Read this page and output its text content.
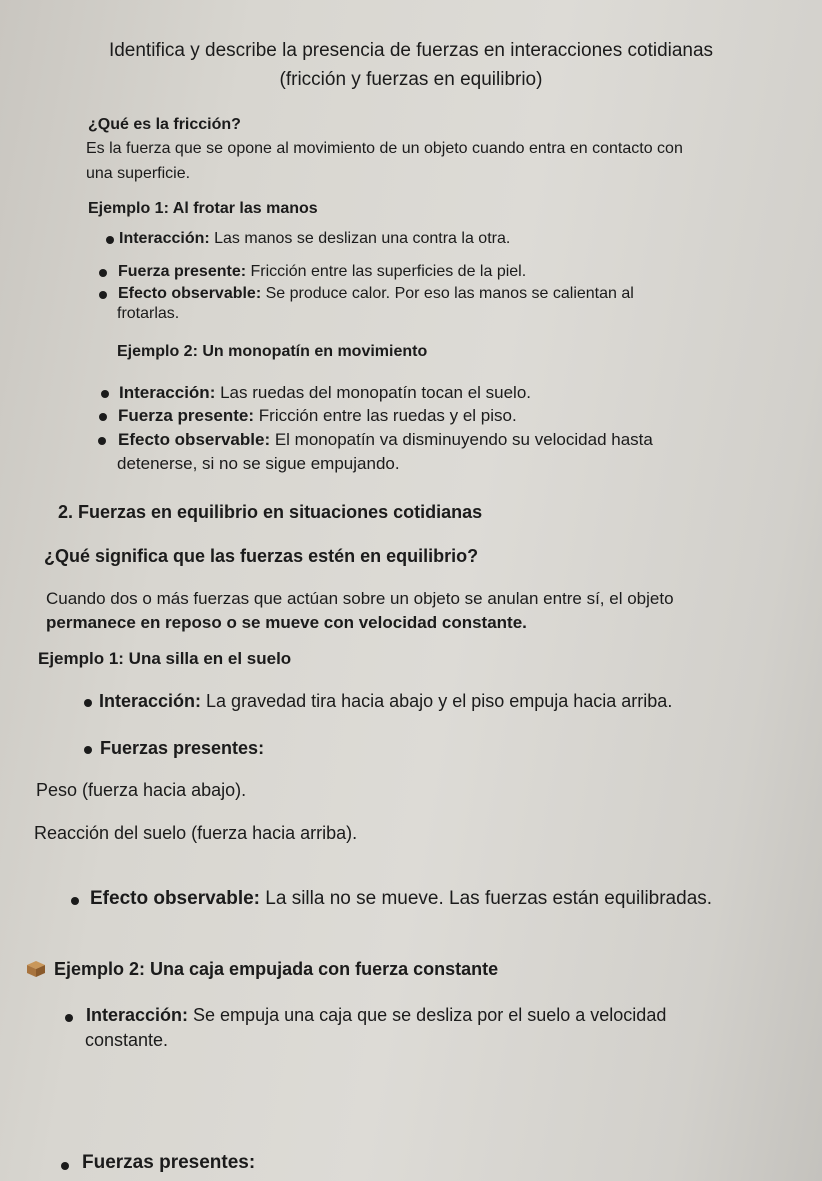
Identifica y describe la presencia de fuerzas en interacciones cotidianas
(fricción y fuerzas en equilibrio)
¿Qué es la fricción?
Es la fuerza que se opone al movimiento de un objeto cuando entra en contacto con
una superficie.
Ejemplo 1: Al frotar las manos
Interacción: Las manos se deslizan una contra la otra.
Fuerza presente: Fricción entre las superficies de la piel.
Efecto observable: Se produce calor. Por eso las manos se calientan al
frotarlas.
Ejemplo 2: Un monopatín en movimiento
Interacción: Las ruedas del monopatín tocan el suelo.
Fuerza presente: Fricción entre las ruedas y el piso.
Efecto observable: El monopatín va disminuyendo su velocidad hasta
detenerse, si no se sigue empujando.
2. Fuerzas en equilibrio en situaciones cotidianas
¿Qué significa que las fuerzas estén en equilibrio?
Cuando dos o más fuerzas que actúan sobre un objeto se anulan entre sí, el objeto
permanece en reposo o se mueve con velocidad constante.
Ejemplo 1: Una silla en el suelo
Interacción: La gravedad tira hacia abajo y el piso empuja hacia arriba.
Fuerzas presentes:
Peso (fuerza hacia abajo).
Reacción del suelo (fuerza hacia arriba).
Efecto observable: La silla no se mueve. Las fuerzas están equilibradas.
Ejemplo 2: Una caja empujada con fuerza constante
Interacción: Se empuja una caja que se desliza por el suelo a velocidad
constante.
Fuerzas presentes:
